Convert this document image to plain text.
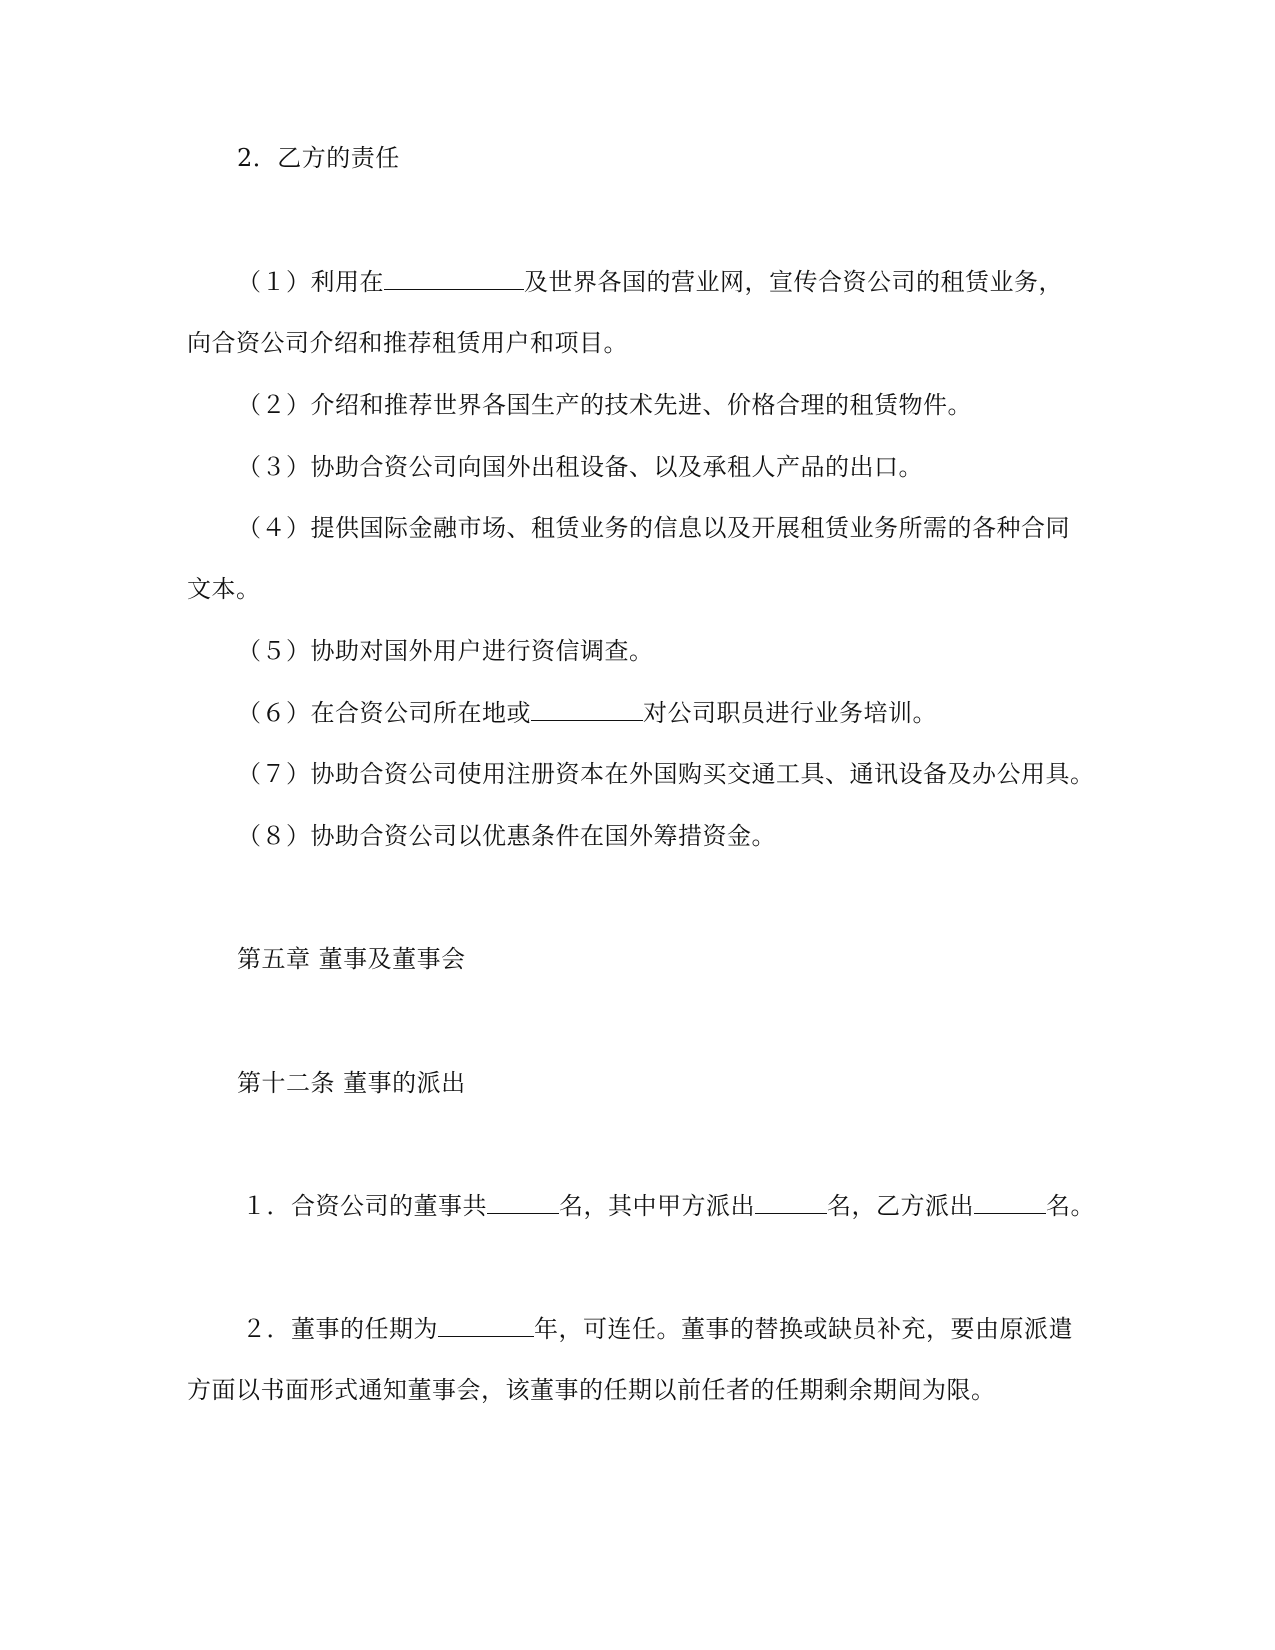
2．乙方的责任
（１）利用在	及世界各国的营业网，宣传合资公司的租赁业务，
向合资公司介绍和推荐租赁用户和项目。
（２）介绍和推荐世界各国生产的技术先进、价格合理的租赁物件。
（３）协助合资公司向国外出租设备、以及承租人产品的出口。
（４）提供国际金融市场、租赁业务的信息以及开展租赁业务所需的各种合同
文本。
（５）协助对国外用户进行资信调查。
（６）在合资公司所在地或	对公司职员进行业务培训。
（７）协助合资公司使用注册资本在外国购买交通工具、通讯设备及办公用具。
（８）协助合资公司以优惠条件在国外筹措资金。
第五章 董事及董事会
第十二条 董事的派出
１．合资公司的董事共	名，其中甲方派出	名，乙方派出	名。
２．董事的任期为	年，可连任。董事的替换或缺员补充，要由原派遣
方面以书面形式通知董事会，该董事的任期以前任者的任期剩余期间为限。
